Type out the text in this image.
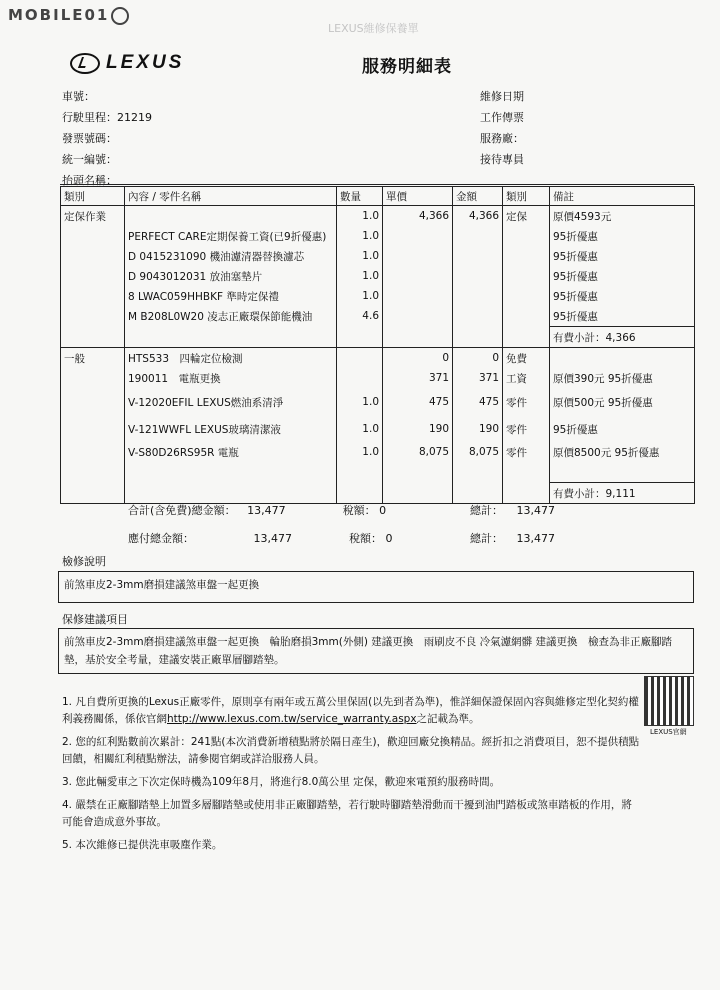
MOBILE01
LEXUS維修保養單
LEXUS	服務明細表
車號：
行駛里程：21219
發票號碼：
統一編號：
抬頭名稱：
維修日期
工作傳票
服務廠：
接待專員
類別	內容 / 零件名稱	數量	單價	金額	類別	備註
定保作業		1.0	4,366	4,366	定保	原價4593元
	PERFECT CARE定期保養工資(已9折優惠)	1.0				95折優惠
	D 0415231090 機油濾清器替換濾芯	1.0				95折優惠
	D 9043012031 放油塞墊片	1.0				95折優惠
	8 LWAC059HHBKF 準時定保禮	1.0				95折優惠
	M B208L0W20 凌志正廠環保節能機油	4.6				95折優惠
						有費小計：4,366
一般	HTS533　四輪定位檢測		0	0	免費	
	190011　電瓶更換		371	371	工資	原價390元 95折優惠
	V-12020EFIL LEXUS燃油系清淨	1.0	475	475	零件	原價500元 95折優惠
	V-121WWFL LEXUS玻璃清潔液	1.0	190	190	零件	95折優惠
	V-S80D26RS95R 電瓶	1.0	8,075	8,075	零件	原價8500元 95折優惠

						有費小計：9,111
合計(含免費)總金額： 13,477	稅額： 0	總計： 13,477
應付總金額：	13,477	稅額： 0	總計： 13,477
檢修說明
前煞車皮2-3mm磨損建議煞車盤一起更換
保修建議項目
前煞車皮2-3mm磨損建議煞車盤一起更換　輪胎磨損3mm(外側) 建議更換　雨刷皮不良 冷氣濾網髒 建議更換　檢查為非正廠腳踏墊，基於安全考量，建議安裝正廠單層腳踏墊。

1. 凡自費所更換的Lexus正廠零件，原則享有兩年或五萬公里保固(以先到者為準)，惟詳細保證保固內容與維修定型化契約權利義務關係，係依官網http://www.lexus.com.tw/service_warranty.aspx之記載為準。

2. 您的紅利點數前次累計：241點(本次消費新增積點將於隔日產生)，歡迎回廠兌換精品。經折扣之消費項目，恕不提供積點回饋，相關紅利積點辦法，請參閱官網或詳洽服務人員。

3. 您此輛愛車之下次定保時機為109年8月，將進行8.0萬公里 定保，歡迎來電預約服務時間。

4. 嚴禁在正廠腳踏墊上加置多層腳踏墊或使用非正廠腳踏墊，若行駛時腳踏墊滑動而干擾到油門踏板或煞車踏板的作用，將可能會造成意外事故。

5. 本次維修已提供洗車吸塵作業。

LEXUS官網
